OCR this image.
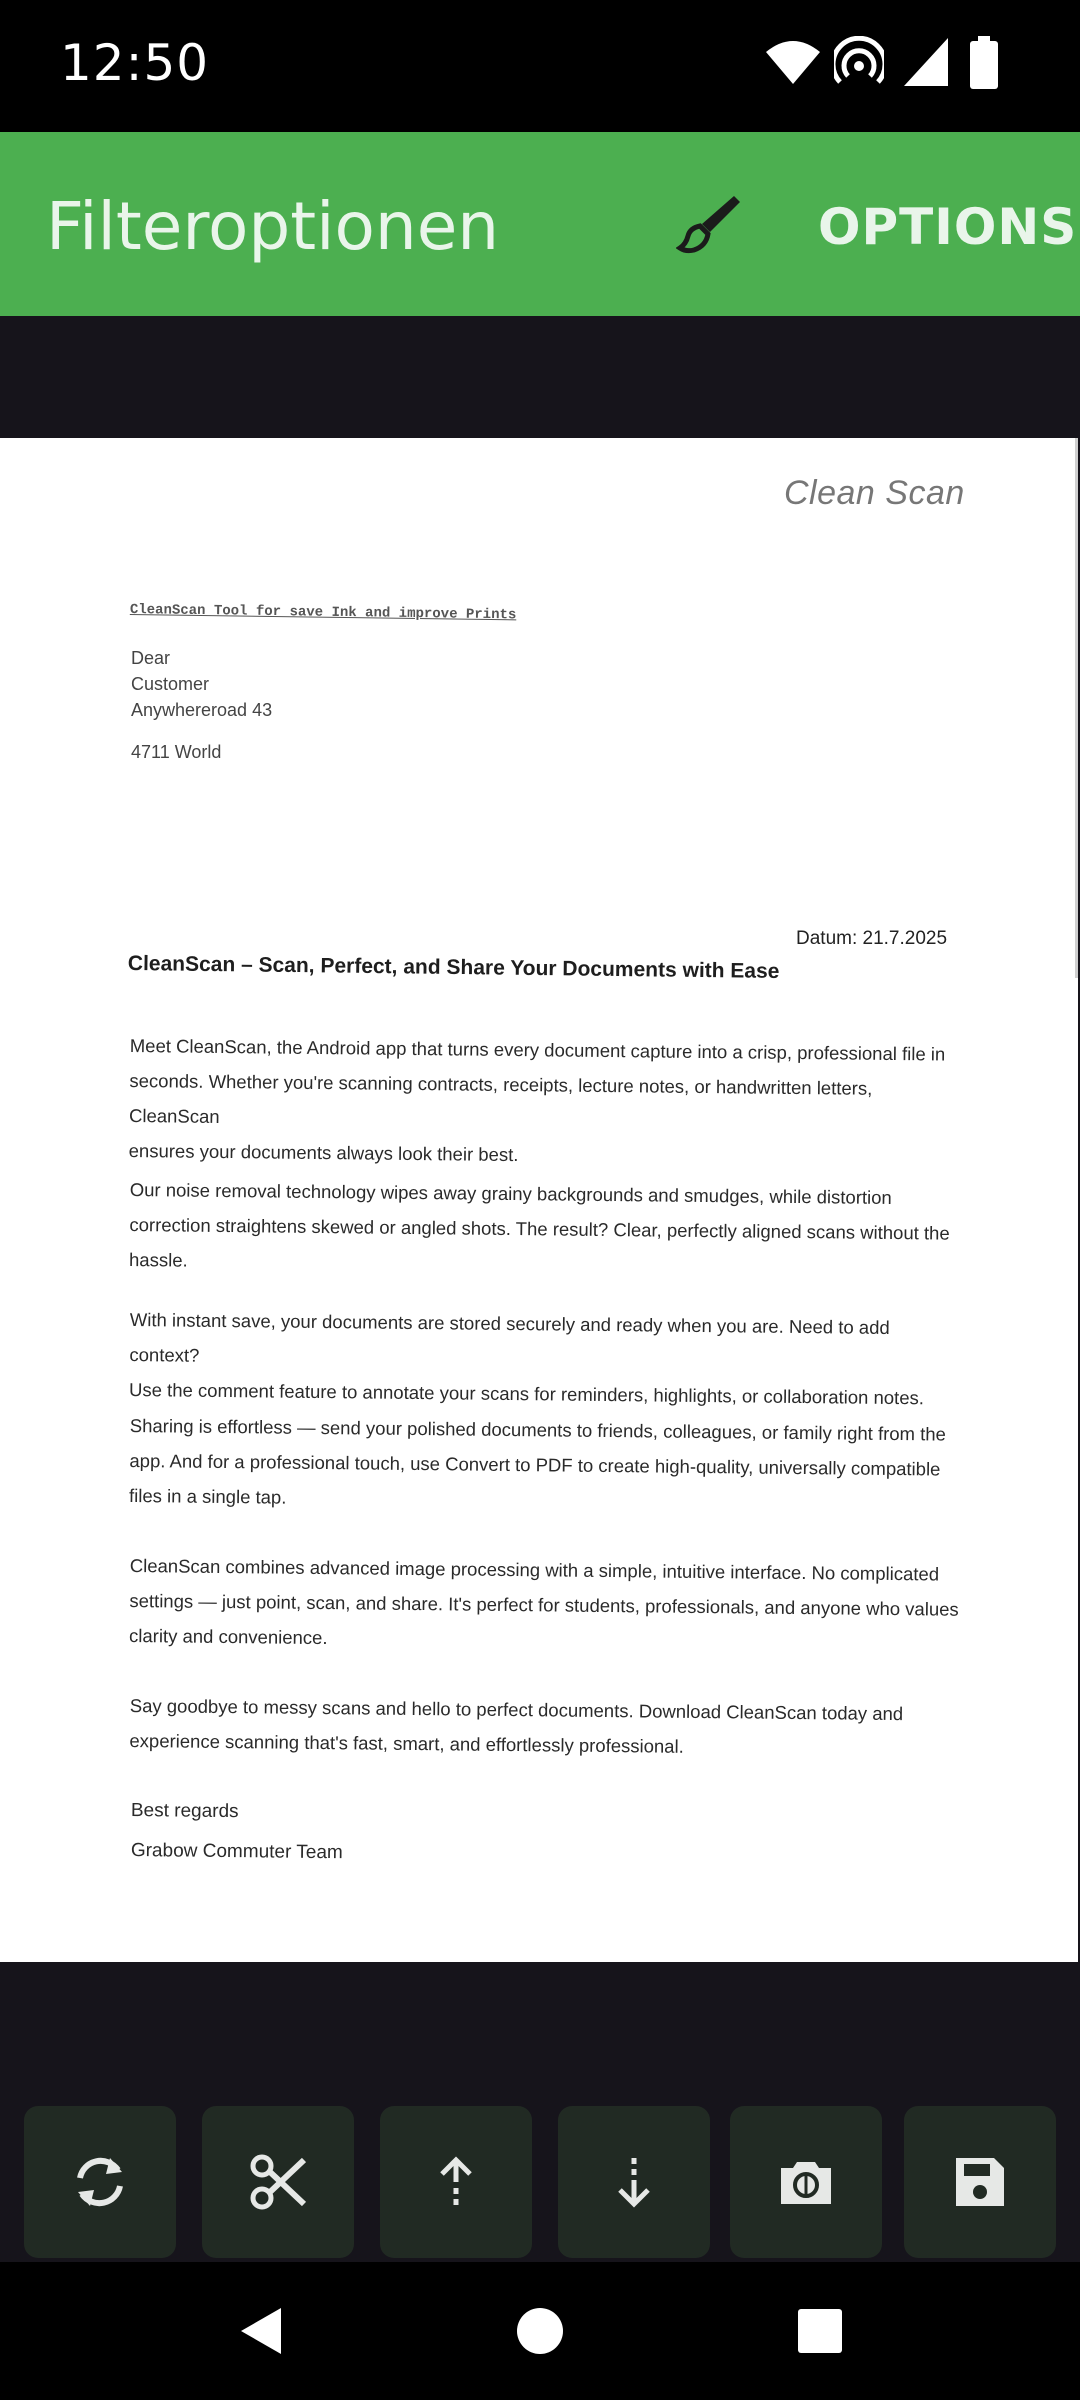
12:50
Filteroptionen	OPTIONS
Clean Scan
CleanScan Tool for save Ink and improve Prints
Dear
Customer
Anywhereroad 43
4711 World
Datum: 21.7.2025
CleanScan – Scan, Perfect, and Share Your Documents with Ease
Meet CleanScan, the Android app that turns every document capture into a crisp, professional file in
seconds. Whether you're scanning contracts, receipts, lecture notes, or handwritten letters, CleanScan
ensures your documents always look their best.
Our noise removal technology wipes away grainy backgrounds and smudges, while distortion
correction straightens skewed or angled shots. The result? Clear, perfectly aligned scans without the
hassle.
With instant save, your documents are stored securely and ready when you are. Need to add context?
Use the comment feature to annotate your scans for reminders, highlights, or collaboration notes.
Sharing is effortless — send your polished documents to friends, colleagues, or family right from the
app. And for a professional touch, use Convert to PDF to create high-quality, universally compatible
files in a single tap.
CleanScan combines advanced image processing with a simple, intuitive interface. No complicated
settings — just point, scan, and share. It's perfect for students, professionals, and anyone who values
clarity and convenience.
Say goodbye to messy scans and hello to perfect documents. Download CleanScan today and
experience scanning that's fast, smart, and effortlessly professional.
Best regards
Grabow Commuter Team
